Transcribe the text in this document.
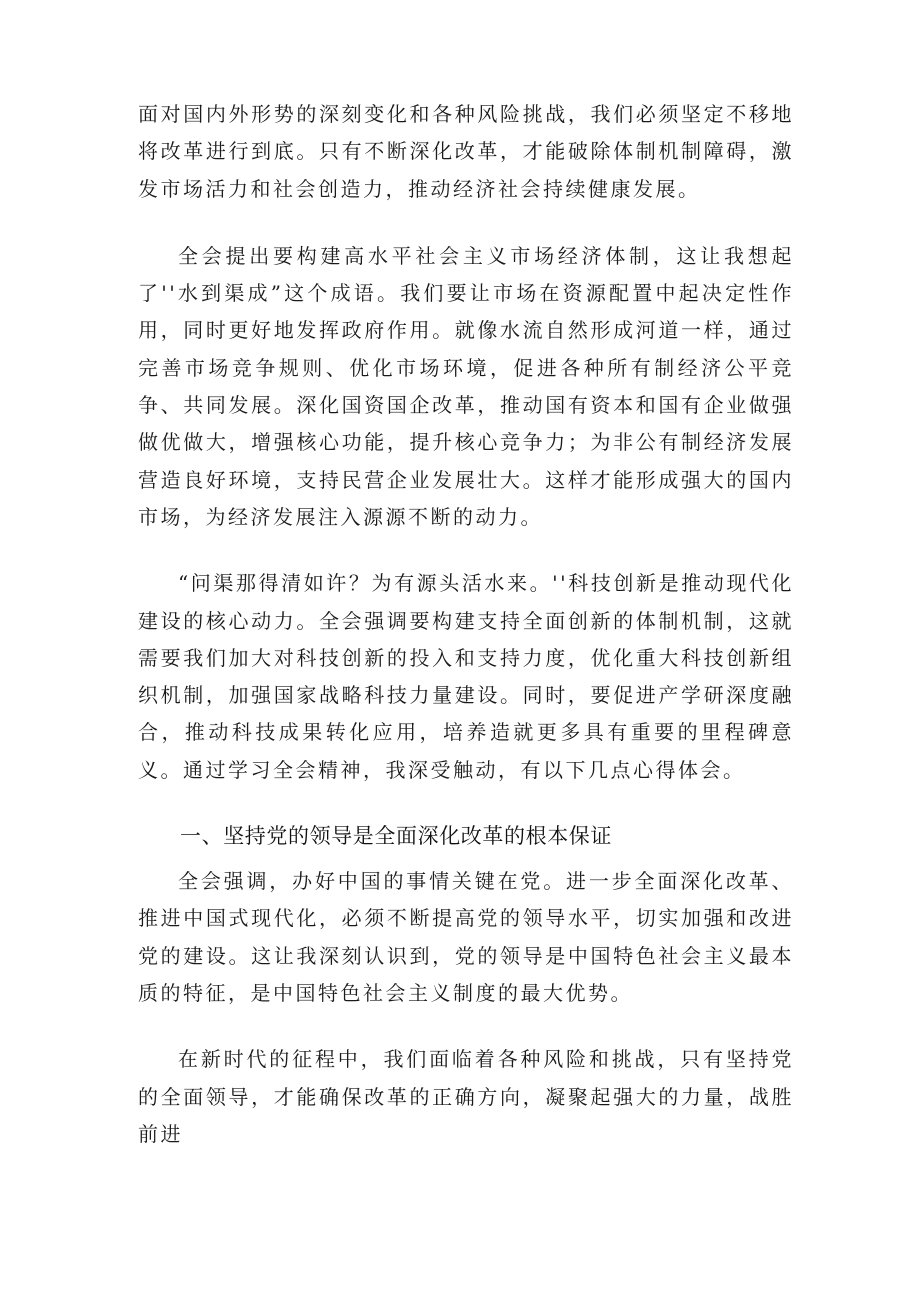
面对国内外形势的深刻变化和各种风险挑战，我们必须坚定不移地将改革进行到底。只有不断深化改革，才能破除体制机制障碍，激发市场活力和社会创造力，推动经济社会持续健康发展。

全会提出要构建高水平社会主义市场经济体制，这让我想起了''水到渠成”这个成语。我们要让市场在资源配置中起决定性作用，同时更好地发挥政府作用。就像水流自然形成河道一样，通过完善市场竞争规则、优化市场环境，促进各种所有制经济公平竞争、共同发展。深化国资国企改革，推动国有资本和国有企业做强做优做大，增强核心功能，提升核心竞争力；为非公有制经济发展营造良好环境，支持民营企业发展壮大。这样才能形成强大的国内市场，为经济发展注入源源不断的动力。

“问渠那得清如许？为有源头活水来。''科技创新是推动现代化建设的核心动力。全会强调要构建支持全面创新的体制机制，这就需要我们加大对科技创新的投入和支持力度，优化重大科技创新组织机制，加强国家战略科技力量建设。同时，要促进产学研深度融合，推动科技成果转化应用，培养造就更多具有重要的里程碑意义。通过学习全会精神，我深受触动，有以下几点心得体会。

一、坚持党的领导是全面深化改革的根本保证

全会强调，办好中国的事情关键在党。进一步全面深化改革、推进中国式现代化，必须不断提高党的领导水平，切实加强和改进党的建设。这让我深刻认识到，党的领导是中国特色社会主义最本质的特征，是中国特色社会主义制度的最大优势。

在新时代的征程中，我们面临着各种风险和挑战，只有坚持党的全面领导，才能确保改革的正确方向，凝聚起强大的力量，战胜前进
